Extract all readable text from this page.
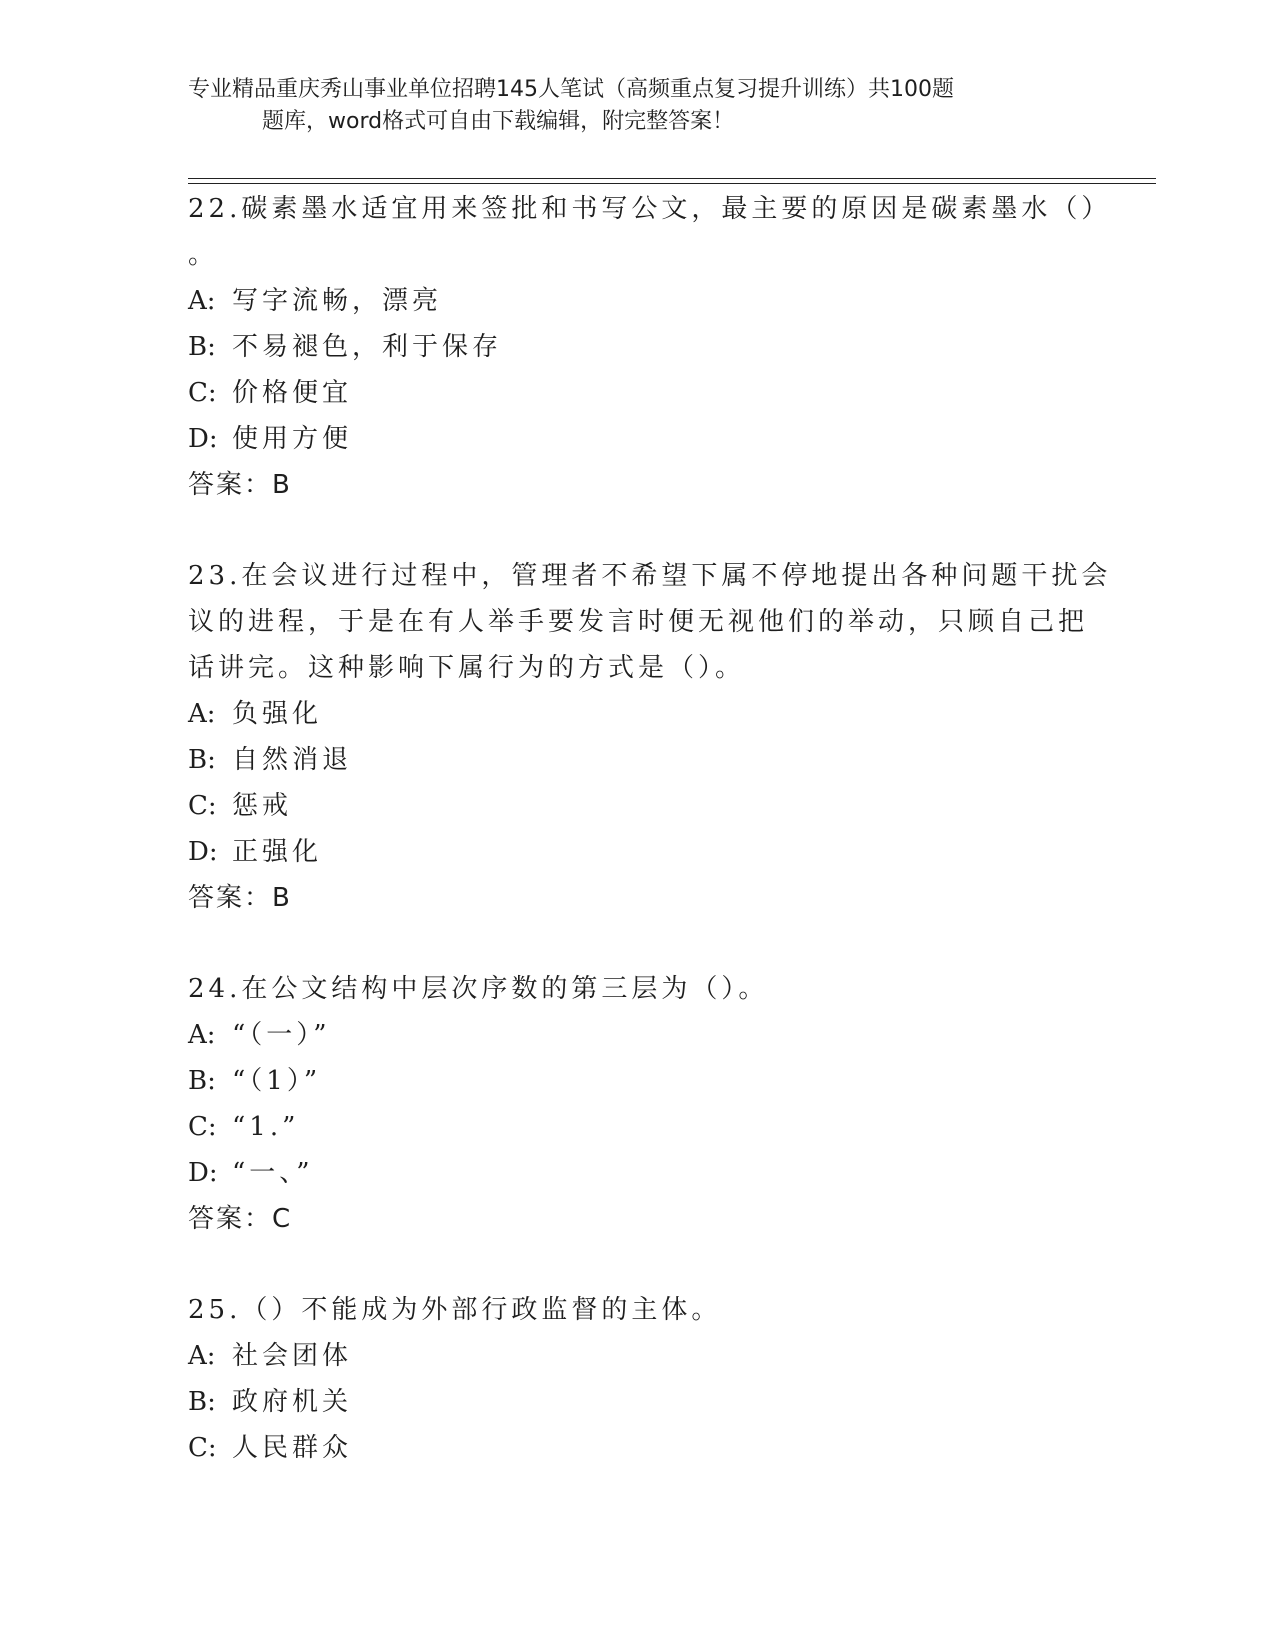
专业精品重庆秀山事业单位招聘145人笔试（高频重点复习提升训练）共100题
题库，word格式可自由下载编辑，附完整答案！
22.碳素墨水适宜用来签批和书写公文，最主要的原因是碳素墨水（）
。
A: 写字流畅，漂亮
B: 不易褪色，利于保存
C: 价格便宜
D: 使用方便
答案：B
23.在会议进行过程中，管理者不希望下属不停地提出各种问题干扰会
议的进程，于是在有人举手要发言时便无视他们的举动，只顾自己把
话讲完。这种影响下属行为的方式是（）。
A: 负强化
B: 自然消退
C: 惩戒
D: 正强化
答案：B
24.在公文结构中层次序数的第三层为（）。
A: “（一）”
B: “（1）”
C: “1.”
D: “一、”
答案：C
25.（）不能成为外部行政监督的主体。
A: 社会团体
B: 政府机关
C: 人民群众
